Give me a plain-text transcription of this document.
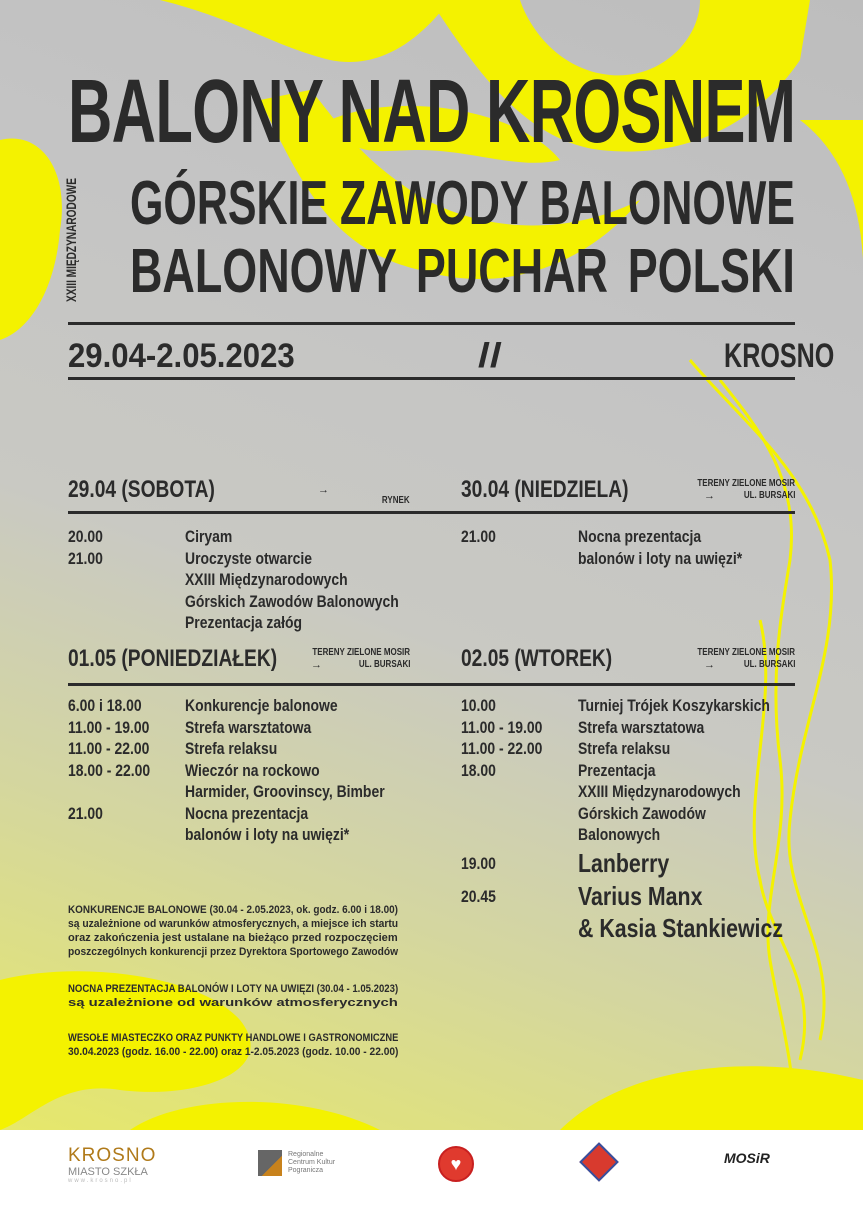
BALONY NAD KROSNEM
XXIII MIĘDZYNARODOWE GÓRSKIE ZAWODY BALONOWE
BALONOWY PUCHAR POLSKI
29.04-2.05.2023	//	KROSNO
29.04 (SOBOTA)	→
RYNEK
20.00	Ciryam
21.00	Uroczyste otwarcie
XXIII Międzynarodowych
Górskich Zawodów Balonowych
Prezentacja załóg
30.04 (NIEDZIELA)	→
TERENY ZIELONE MOSIR
UL. BURSAKI
21.00	Nocna prezentacja
balonów i loty na uwięzi*
01.05 (PONIEDZIAŁEK)	→
TERENY ZIELONE MOSIR
UL. BURSAKI
6.00 i 18.00	Konkurencje balonowe
11.00 - 19.00 Strefa warsztatowa
11.00 - 22.00 Strefa relaksu
18.00 - 22.00 Wieczór na rockowo
Harmider, Groovinscy, Bimber
21.00	Nocna prezentacja
balonów i loty na uwięzi*
02.05 (WTOREK)	→
TERENY ZIELONE MOSIR
UL. BURSAKI
10.00	Turniej Trójek Koszykarskich
11.00 - 19.00 Strefa warsztatowa
11.00 - 22.00 Strefa relaksu
18.00	Prezentacja
XXIII Międzynarodowych
Górskich Zawodów
Balonowych
19.00	Lanberry
20.45	Varius Manx
& Kasia Stankiewicz
KONKURENCJE BALONOWE (30.04 - 2.05.2023, ok. godz. 6.00 i 18.00)są uzależnione od warunków atmosferycznych, a miejsce ich startuoraz zakończenia jest ustalane na bieżąco przed rozpoczęciemposzczególnych konkurencji przez Dyrektora Sportowego Zawodów
NOCNA PREZENTACJA BALONÓW I LOTY NA UWIĘZI (30.04 - 1.05.2023)są uzależnione od warunków atmosferycznych
WESOŁE MIASTECZKO ORAZ PUNKTY HANDLOWE I GASTRONOMICZNE30.04.2023 (godz. 16.00 - 22.00) oraz 1-2.05.2023 (godz. 10.00 - 22.00)
KROSNO
MIASTO SZKŁA
www.krosno.pl
Regionalne Centrum Kultur Pogranicza	♥	MOSiR
